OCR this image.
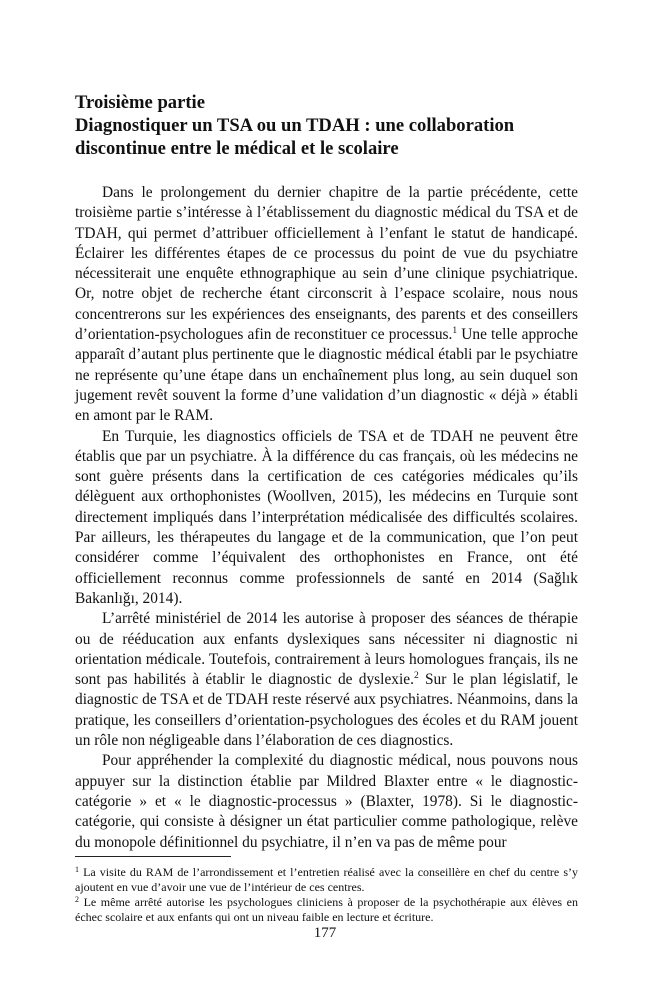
Troisième partie
Diagnostiquer un TSA ou un TDAH : une collaboration discontinue entre le médical et le scolaire

Dans le prolongement du dernier chapitre de la partie précédente, cette troisième partie s’intéresse à l’établissement du diagnostic médical du TSA et de TDAH, qui permet d’attribuer officiellement à l’enfant le statut de handicapé. Éclairer les différentes étapes de ce processus du point de vue du psychiatre nécessiterait une enquête ethnographique au sein d’une clinique psychiatrique. Or, notre objet de recherche étant circonscrit à l’espace scolaire, nous nous concentrerons sur les expériences des enseignants, des parents et des conseillers d’orientation-psychologues afin de reconstituer ce processus.$^1$ Une telle approche apparaît d’autant plus pertinente que le diagnostic médical établi par le psychiatre ne représente qu’une étape dans un enchaînement plus long, au sein duquel son jugement revêt souvent la forme d’une validation d’un diagnostic « déjà » établi en amont par le RAM.

En Turquie, les diagnostics officiels de TSA et de TDAH ne peuvent être établis que par un psychiatre. À la différence du cas français, où les médecins ne sont guère présents dans la certification de ces catégories médicales qu’ils délèguent aux orthophonistes (Woollven, 2015), les médecins en Turquie sont directement impliqués dans l’interprétation médicalisée des difficultés scolaires. Par ailleurs, les thérapeutes du langage et de la communication, que l’on peut considérer comme l’équivalent des orthophonistes en France, ont été officiellement reconnus comme professionnels de santé en 2014 (Sağlık Bakanlığı, 2014).

L’arrêté ministériel de 2014 les autorise à proposer des séances de thérapie ou de rééducation aux enfants dyslexiques sans nécessiter ni diagnostic ni orientation médicale. Toutefois, contrairement à leurs homologues français, ils ne sont pas habilités à établir le diagnostic de dyslexie.$^2$ Sur le plan législatif, le diagnostic de TSA et de TDAH reste réservé aux psychiatres. Néanmoins, dans la pratique, les conseillers d’orientation-psychologues des écoles et du RAM jouent un rôle non négligeable dans l’élaboration de ces diagnostics.

Pour appréhender la complexité du diagnostic médical, nous pouvons nous appuyer sur la distinction établie par Mildred Blaxter entre « le diagnostic-catégorie » et « le diagnostic-processus » (Blaxter, 1978). Si le diagnostic-catégorie, qui consiste à désigner un état particulier comme pathologique, relève du monopole définitionnel du psychiatre, il n’en va pas de même pour

$^1$ La visite du RAM de l’arrondissement et l’entretien réalisé avec la conseillère en chef du centre s’y ajoutent en vue d’avoir une vue de l’intérieur de ces centres.

$^2$ Le même arrêté autorise les psychologues cliniciens à proposer de la psychothérapie aux élèves en échec scolaire et aux enfants qui ont un niveau faible en lecture et écriture.

177
